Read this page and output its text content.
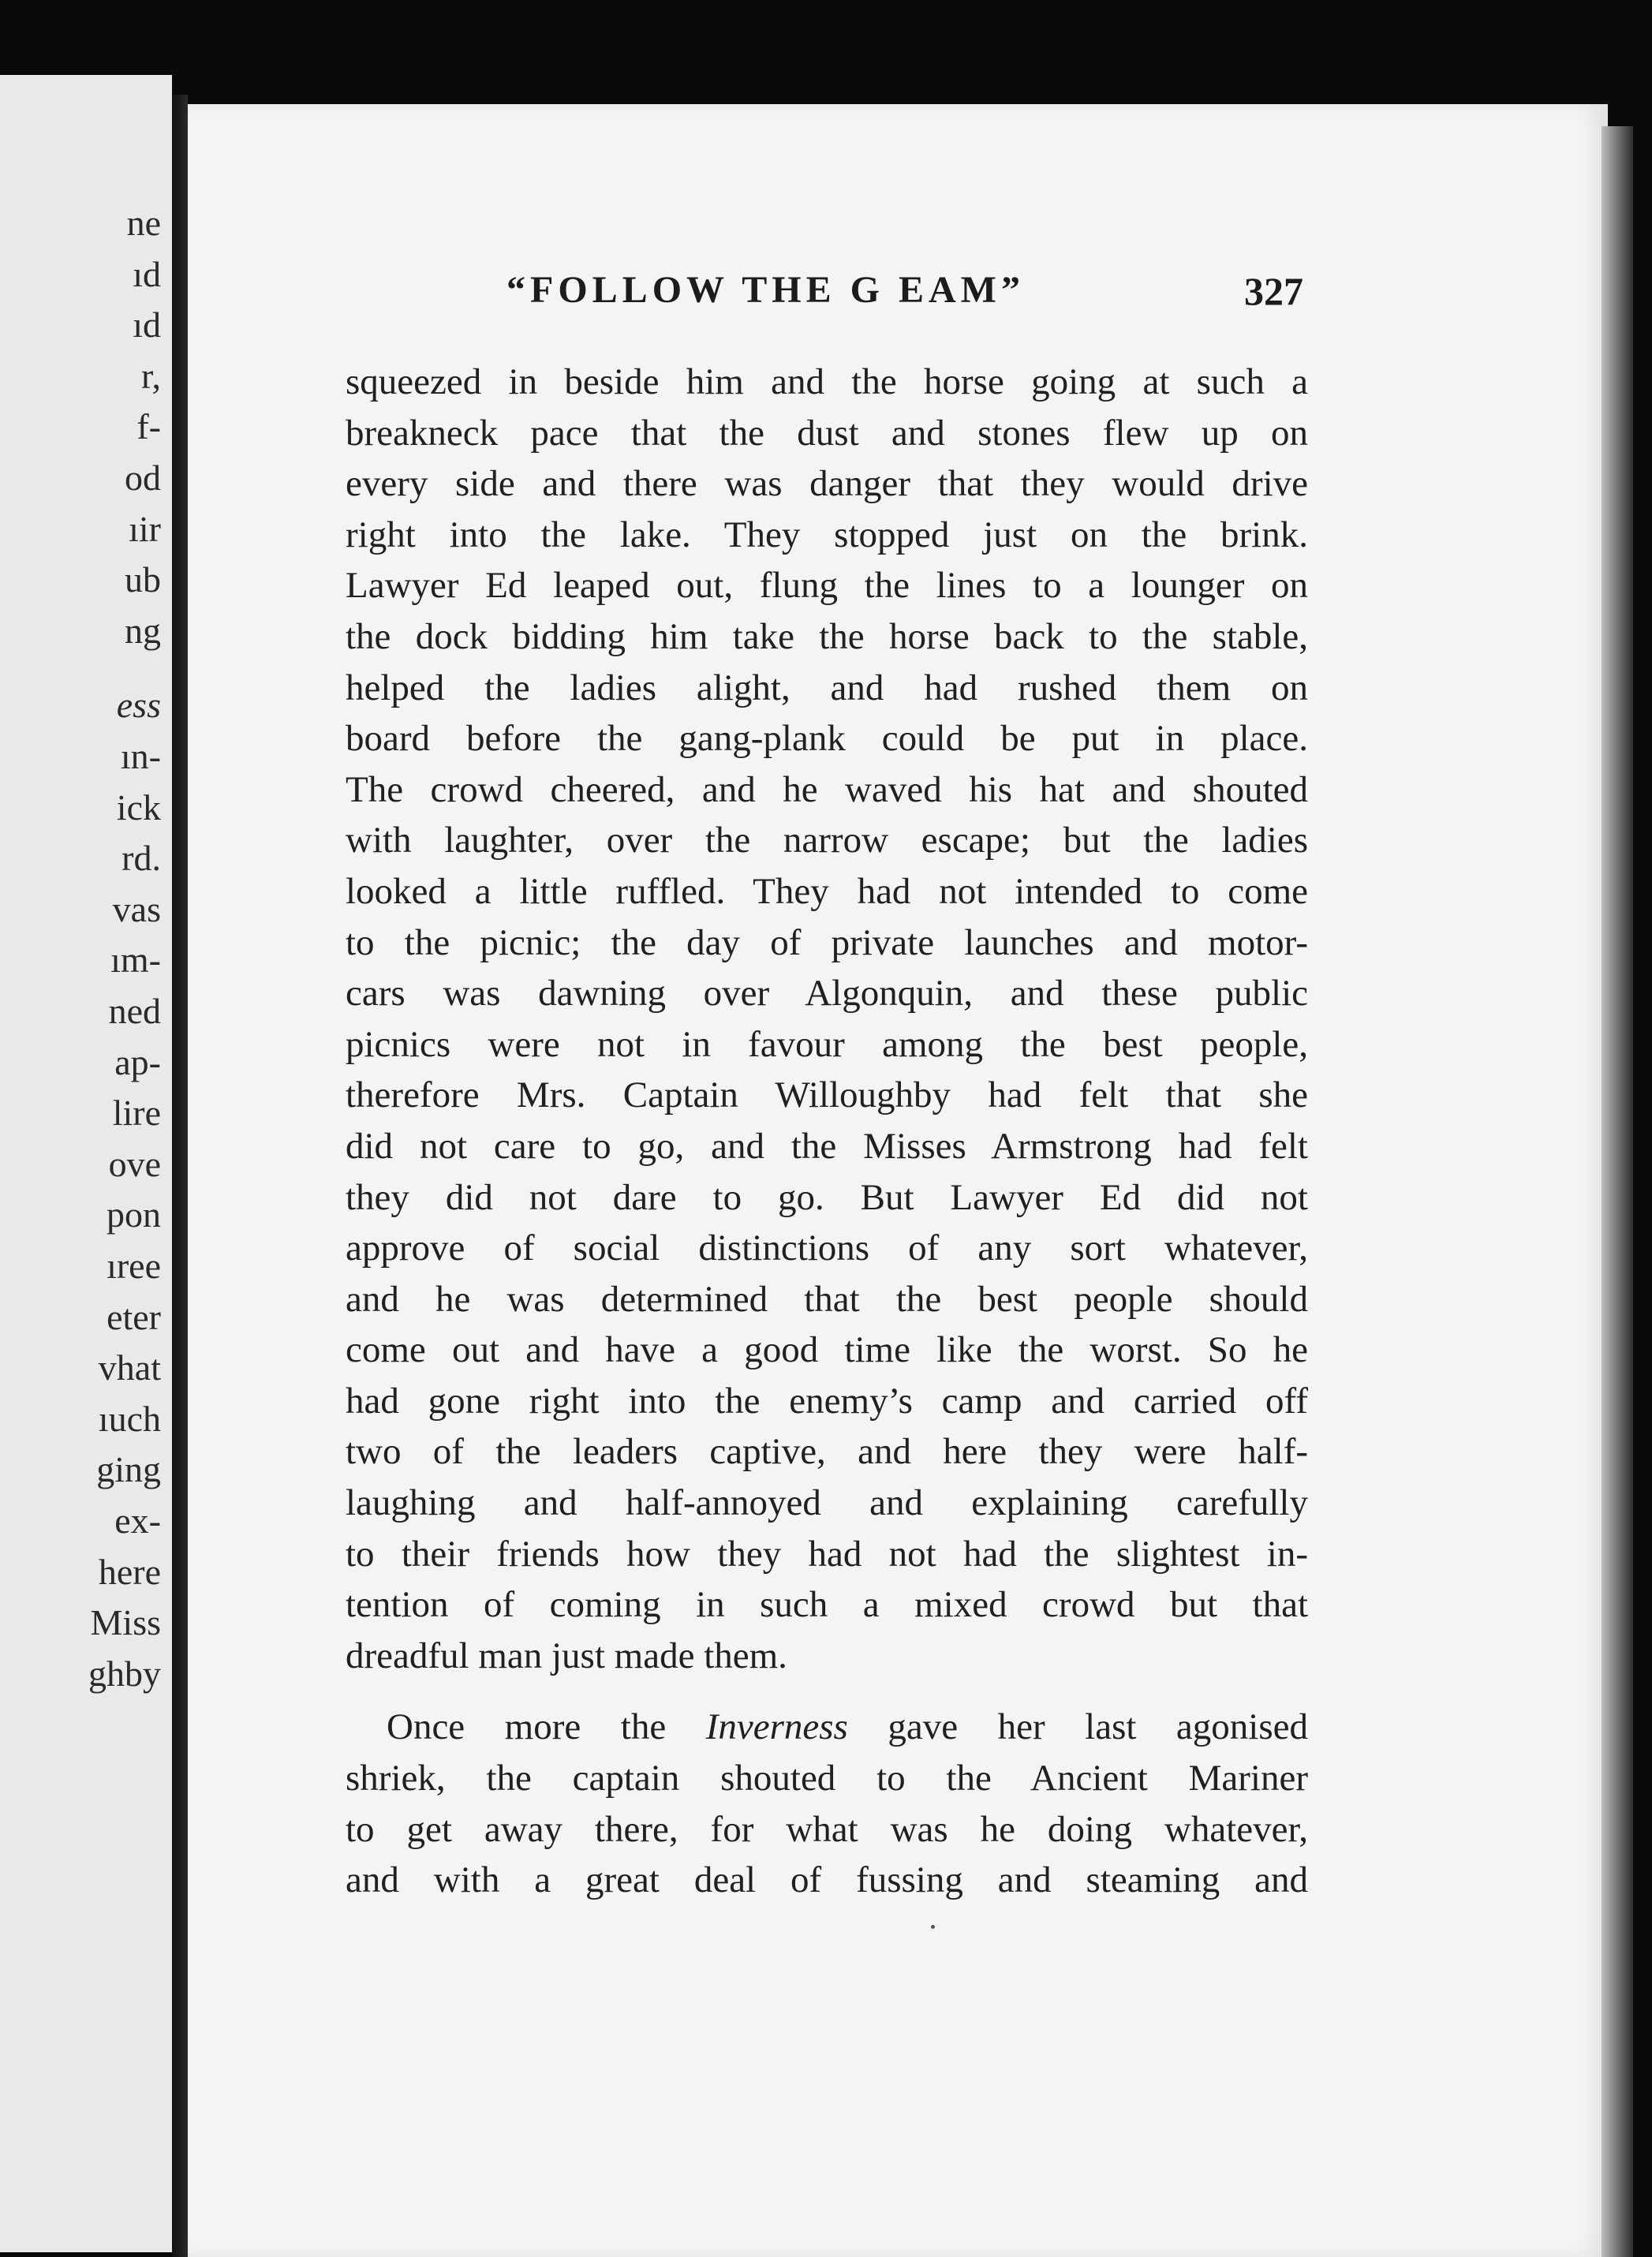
ne
ıd
ıd
r,
f-
od
ıir
ub
ng
ess
ın-
ick
rd.
vas
ım-
ned
ap-
lire
ove
pon
ıree
eter
vhat
ıuch
ging
ex-
here
Miss
ghby
“FOLLOW THE G EAM”	327

squeezed in beside him and the horse going at such a
breakneck pace that the dust and stones flew up on
every side and there was danger that they would drive
right into the lake. They stopped just on the brink.
Lawyer Ed leaped out, flung the lines to a lounger on
the dock bidding him take the horse back to the stable,
helped the ladies alight, and had rushed them on
board before the gang-plank could be put in place.
The crowd cheered, and he waved his hat and shouted
with laughter, over the narrow escape; but the ladies
looked a little ruffled. They had not intended to come
to the picnic; the day of private launches and motor-
cars was dawning over Algonquin, and these public
picnics were not in favour among the best people,
therefore Mrs. Captain Willoughby had felt that she
did not care to go, and the Misses Armstrong had felt
they did not dare to go. But Lawyer Ed did not
approve of social distinctions of any sort whatever,
and he was determined that the best people should
come out and have a good time like the worst. So he
had gone right into the enemy’s camp and carried off
two of the leaders captive, and here they were half-
laughing and half-annoyed and explaining carefully
to their friends how they had not had the slightest in-
tention of coming in such a mixed crowd but that
dreadful man just made them.

Once more the Inverness gave her last agonised
shriek, the captain shouted to the Ancient Mariner
to get away there, for what was he doing whatever,
and with a great deal of fussing and steaming and
